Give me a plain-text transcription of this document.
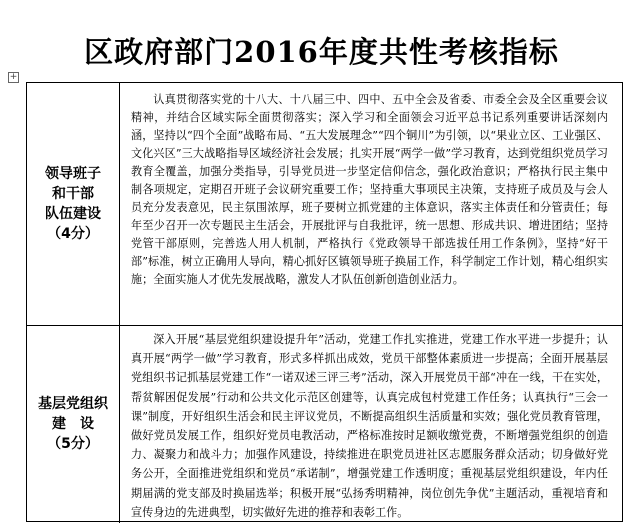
区政府部门2016年度共性考核指标
+
领导班子
和干部
队伍建设
（4分）
认真贯彻落实党的十八大、十八届三中、四中、五中全会及省委、市委全会及全区重要会议精神，并结合区域实际全面贯彻落实；深入学习和全面领会习近平总书记系列重要讲话深刻内涵，坚持以“四个全面”战略布局、“五大发展理念”“四个铜川”为引领，以“果业立区、工业强区、文化兴区”三大战略指导区域经济社会发展；扎实开展“两学一做”学习教育，达到党组织党员学习教育全覆盖，加强分类指导，引导党员进一步坚定信仰信念，强化政治意识；严格执行民主集中制各项规定，定期召开班子会议研究重要工作；坚持重大事项民主决策，支持班子成员及与会人员充分发表意见，民主氛围浓厚，班子要树立抓党建的主体意识，落实主体责任和分管责任；每年至少召开一次专题民主生活会，开展批评与自我批评，统一思想、形成共识、增进团结；坚持党管干部原则，完善选人用人机制，严格执行《党政领导干部选拔任用工作条例》，坚持“好干部”标准，树立正确用人导向，精心抓好区镇领导班子换届工作，科学制定工作计划，精心组织实施；全面实施人才优先发展战略，激发人才队伍创新创造创业活力。
基层党组织
建　设
（5分）
深入开展“基层党组织建设提升年”活动，党建工作扎实推进，党建工作水平进一步提升；认真开展“两学一做”学习教育，形式多样抓出成效，党员干部整体素质进一步提高；全面开展基层党组织书记抓基层党建工作“一诺双述三评三考”活动，深入开展党员干部“冲在一线，干在实处，帮贫解困促发展”行动和公共文化示范区创建等，认真完成包村党建工作任务；认真执行“三会一课”制度，开好组织生活会和民主评议党员，不断提高组织生活质量和实效；强化党员教育管理，做好党员发展工作，组织好党员电教活动，严格标准按时足额收缴党费，不断增强党组织的创造力、凝聚力和战斗力；加强作风建设，持续推进在职党员进社区志愿服务群众活动；切身做好党务公开，全面推进党组织和党员“承诺制”，增强党建工作透明度；重视基层党组织建设，年内任期届满的党支部及时换届选举；积极开展“弘扬秀明精神，岗位创先争优”主题活动，重视培育和宣传身边的先进典型，切实做好先进的推荐和表彰工作。
